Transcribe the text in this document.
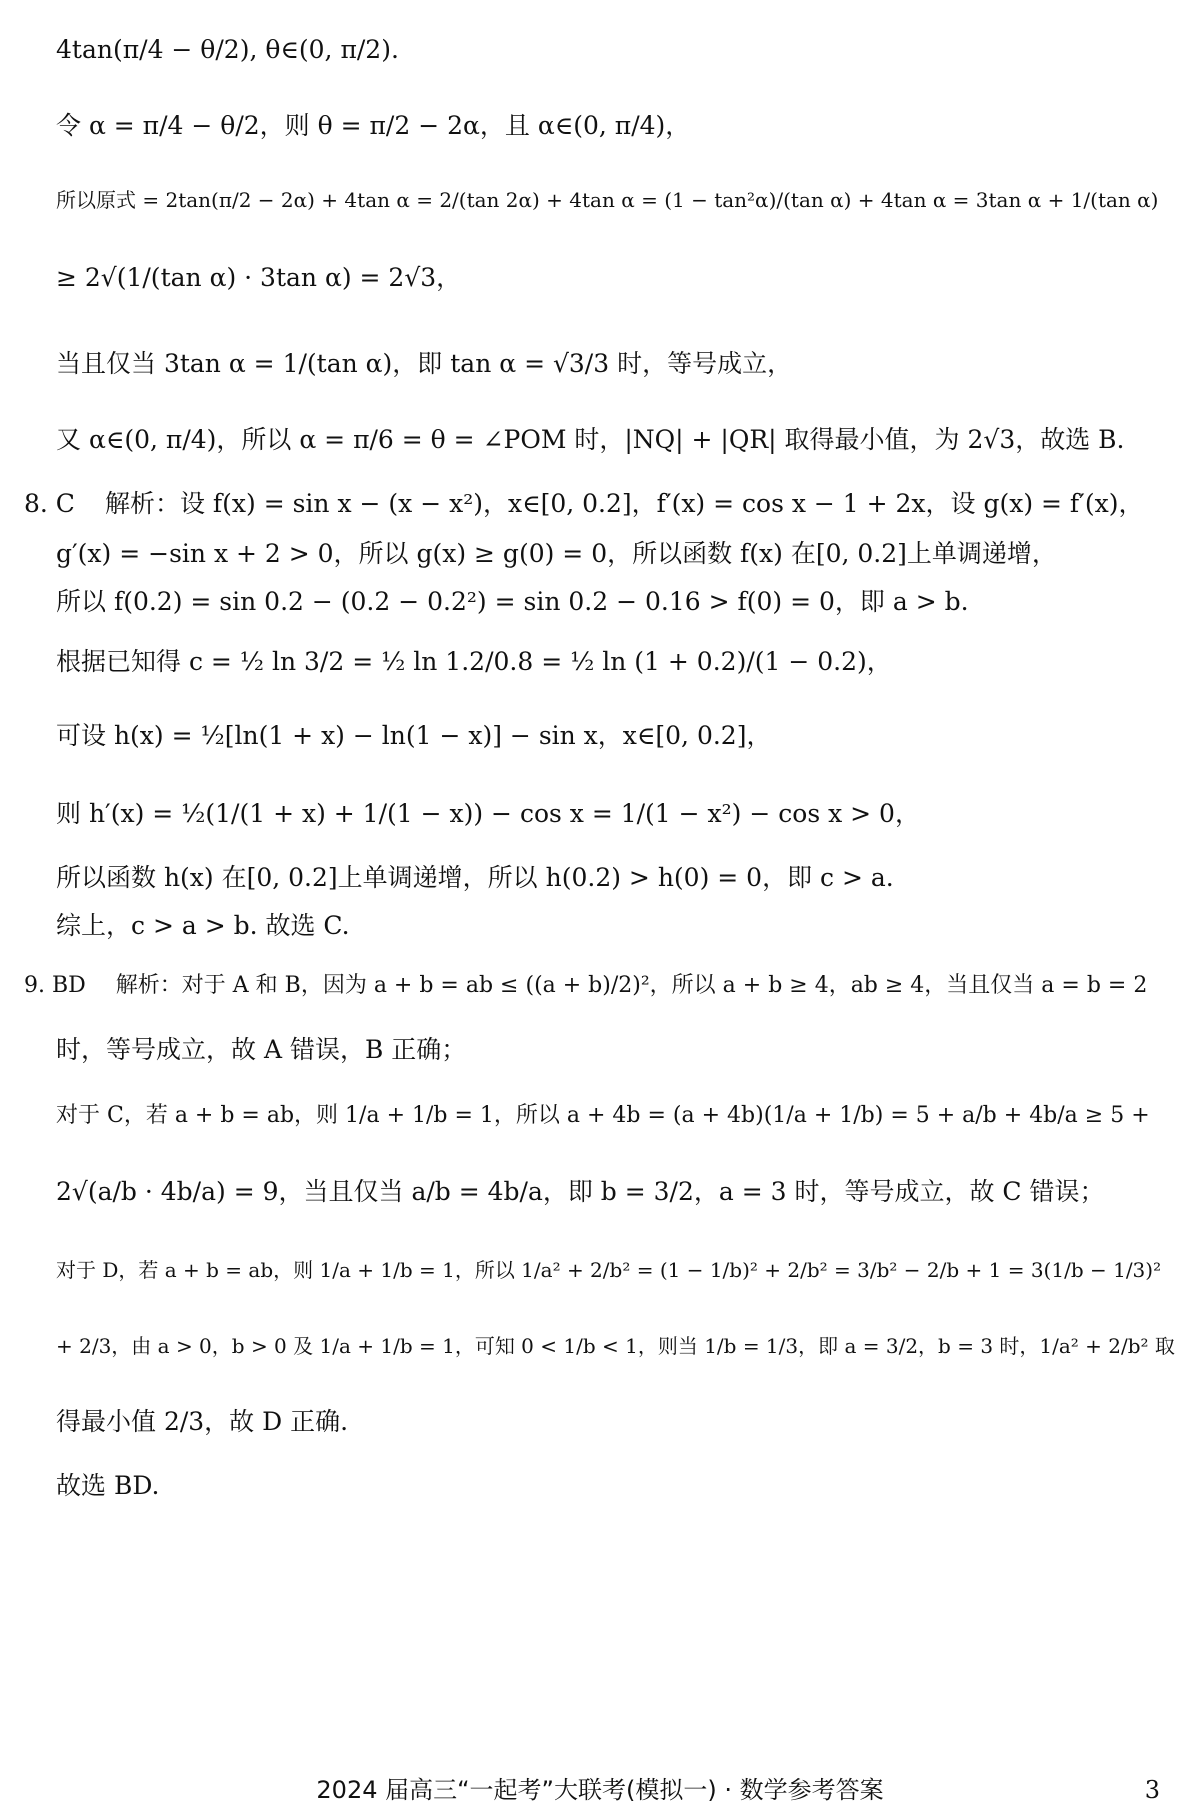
4tan(π/4 − θ/2), θ∈(0, π/2).
令 α = π/4 − θ/2，则 θ = π/2 − 2α，且 α∈(0, π/4)，
所以原式 = 2tan(π/2 − 2α) + 4tan α = 2/(tan 2α) + 4tan α = (1 − tan²α)/(tan α) + 4tan α = 3tan α + 1/(tan α)
≥ 2√(1/(tan α) · 3tan α) = 2√3，
当且仅当 3tan α = 1/(tan α)，即 tan α = √3/3 时，等号成立，
又 α∈(0, π/4)，所以 α = π/6 = θ = ∠POM 时，|NQ| + |QR| 取得最小值，为 2√3，故选 B.
8. C 解析：设 f(x) = sin x − (x − x²)，x∈[0, 0.2]，f′(x) = cos x − 1 + 2x，设 g(x) = f′(x)，
g′(x) = −sin x + 2 > 0，所以 g(x) ≥ g(0) = 0，所以函数 f(x) 在[0, 0.2]上单调递增，
所以 f(0.2) = sin 0.2 − (0.2 − 0.2²) = sin 0.2 − 0.16 > f(0) = 0，即 a > b.
根据已知得 c = ½ ln 3/2 = ½ ln 1.2/0.8 = ½ ln (1 + 0.2)/(1 − 0.2)，
可设 h(x) = ½[ln(1 + x) − ln(1 − x)] − sin x，x∈[0, 0.2]，
则 h′(x) = ½(1/(1 + x) + 1/(1 − x)) − cos x = 1/(1 − x²) − cos x > 0，
所以函数 h(x) 在[0, 0.2]上单调递增，所以 h(0.2) > h(0) = 0，即 c > a.
综上，c > a > b. 故选 C.
9. BD 解析：对于 A 和 B，因为 a + b = ab ≤ ((a + b)/2)²，所以 a + b ≥ 4，ab ≥ 4，当且仅当 a = b = 2
时，等号成立，故 A 错误，B 正确；
对于 C，若 a + b = ab，则 1/a + 1/b = 1，所以 a + 4b = (a + 4b)(1/a + 1/b) = 5 + a/b + 4b/a ≥ 5 +
2√(a/b · 4b/a) = 9，当且仅当 a/b = 4b/a，即 b = 3/2，a = 3 时，等号成立，故 C 错误；
对于 D，若 a + b = ab，则 1/a + 1/b = 1，所以 1/a² + 2/b² = (1 − 1/b)² + 2/b² = 3/b² − 2/b + 1 = 3(1/b − 1/3)²
+ 2/3，由 a > 0，b > 0 及 1/a + 1/b = 1，可知 0 < 1/b < 1，则当 1/b = 1/3，即 a = 3/2，b = 3 时，1/a² + 2/b² 取
得最小值 2/3，故 D 正确.
故选 BD.
2024 届高三“一起考”大联考(模拟一) · 数学参考答案	3
